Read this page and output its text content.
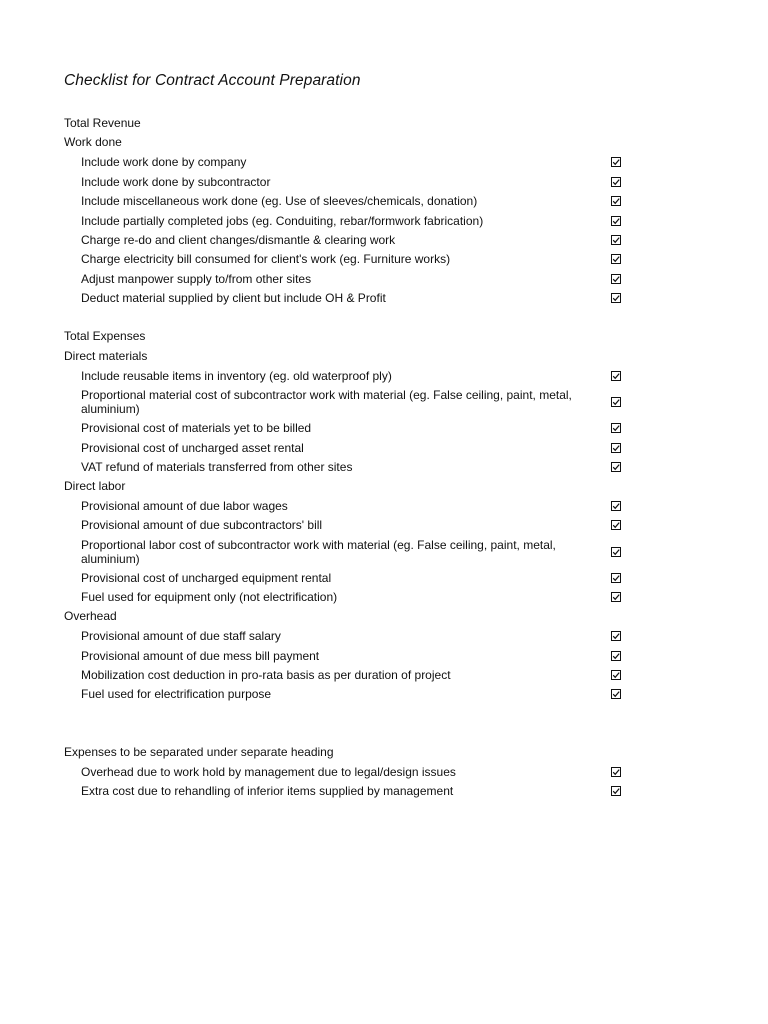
Checklist for Contract Account Preparation
Total Revenue
Work done
Include work done by company
Include work done by subcontractor
Include miscellaneous work done (eg. Use of sleeves/chemicals, donation)
Include partially completed jobs (eg. Conduiting, rebar/formwork fabrication)
Charge re-do and client changes/dismantle & clearing work
Charge electricity bill consumed for client's work (eg. Furniture works)
Adjust manpower supply to/from other sites
Deduct material supplied by client but include OH & Profit
Total Expenses
Direct materials
Include reusable items in inventory (eg. old waterproof ply)
Proportional material cost of subcontractor work with material (eg. False ceiling, paint, metal, aluminium)
Provisional cost of materials yet to be billed
Provisional cost of uncharged asset rental
VAT refund of materials transferred from other sites
Direct labor
Provisional amount of due labor wages
Provisional amount of due subcontractors' bill
Proportional labor cost of subcontractor work with material (eg. False ceiling, paint, metal, aluminium)
Provisional cost of uncharged equipment rental
Fuel used for equipment only (not electrification)
Overhead
Provisional amount of due staff salary
Provisional amount of due mess bill payment
Mobilization cost deduction in pro-rata basis as per duration of project
Fuel used for electrification purpose
Expenses to be separated under separate heading
Overhead due to work hold by management due to legal/design issues
Extra cost due to rehandling of inferior items supplied by management
